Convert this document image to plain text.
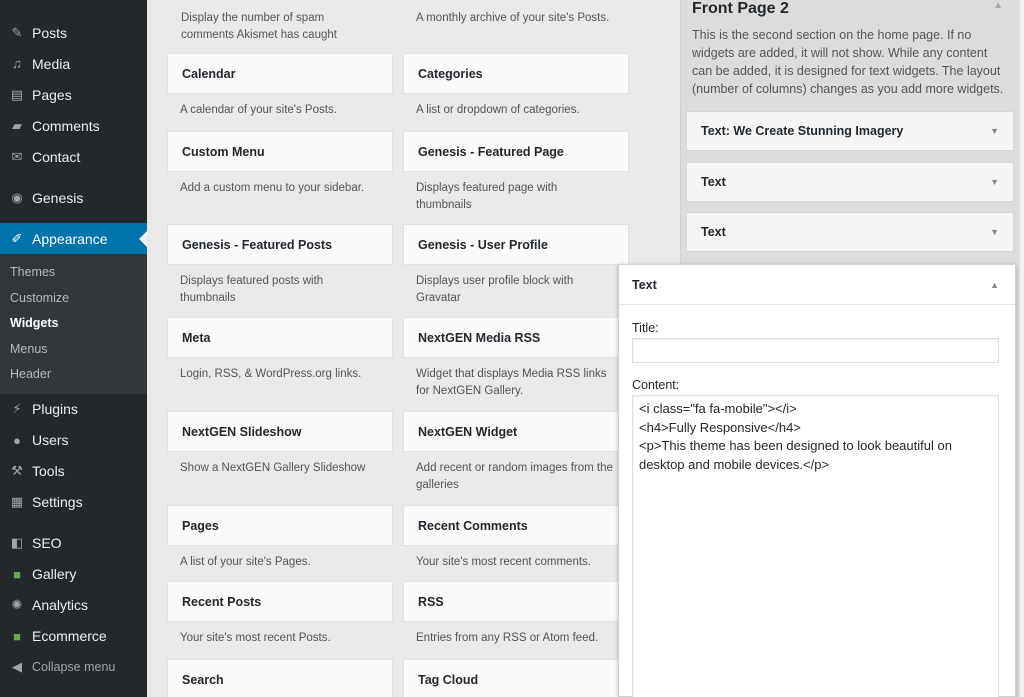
✎ Posts
♫ Media
▤ Pages
▰ Comments
✉ Contact
◉ Genesis
✐ Appearance
Themes
Customize
Widgets
Menus
Header
⚡ Plugins
● Users
⚒ Tools
▦ Settings
◧ SEO
■ Gallery
✺ Analytics
■ Ecommerce
◀ Collapse menu
Display the number of spam comments Akismet has caught
A monthly archive of your site's Posts.
Calendar
A calendar of your site's Posts.
Categories
A list or dropdown of categories.
Custom Menu
Add a custom menu to your sidebar.
Genesis - Featured Page
Displays featured page with thumbnails
Genesis - Featured Posts
Displays featured posts with thumbnails
Genesis - User Profile
Displays user profile block with Gravatar
Meta
Login, RSS, & WordPress.org links.
NextGEN Media RSS
Widget that displays Media RSS links for NextGEN Gallery.
NextGEN Slideshow
Show a NextGEN Gallery Slideshow
NextGEN Widget
Add recent or random images from the galleries
Pages
A list of your site's Pages.
Recent Comments
Your site's most recent comments.
Recent Posts
Your site's most recent Posts.
RSS
Entries from any RSS or Atom feed.
Search	Tag Cloud
Front Page 2	▲
This is the second section on the home page. If no widgets are added, it will not show. While any content can be added, it is designed for text widgets. The layout (number of columns) changes as you add more widgets.
Text: We Create Stunning Imagery	▼
Text	▼
Text	▼
Text	▲
Title:
Content:
<i class="fa fa-mobile"></i> <h4>Fully Responsive</h4> <p>This theme has been designed to look beautiful on desktop and mobile devices.</p>
